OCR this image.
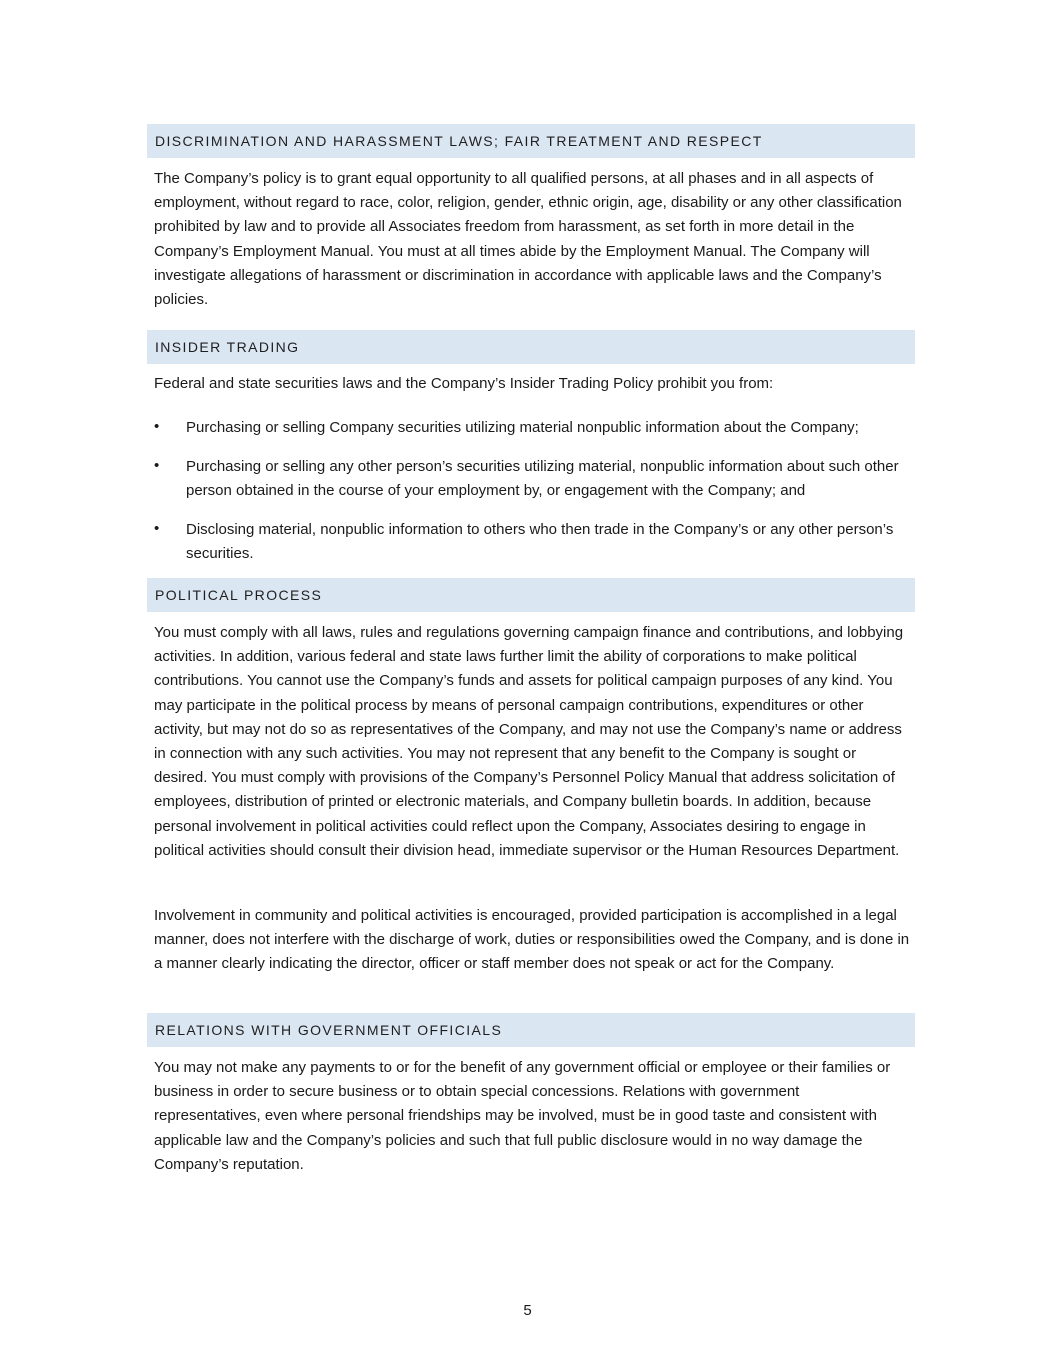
DISCRIMINATION AND HARASSMENT LAWS; FAIR TREATMENT AND RESPECT

The Company’s policy is to grant equal opportunity to all qualified persons, at all phases and in all aspects of employment, without regard to race, color, religion, gender, ethnic origin, age, disability or any other classification prohibited by law and to provide all Associates freedom from harassment, as set forth in more detail in the Company’s Employment Manual. You must at all times abide by the Employment Manual. The Company will investigate allegations of harassment or discrimination in accordance with applicable laws and the Company’s policies.

INSIDER TRADING

Federal and state securities laws and the Company’s Insider Trading Policy prohibit you from:

• Purchasing or selling Company securities utilizing material nonpublic information about the Company;
• Purchasing or selling any other person’s securities utilizing material, nonpublic information about such other person obtained in the course of your employment by, or engagement with the Company; and
• Disclosing material, nonpublic information to others who then trade in the Company’s or any other person’s securities.
POLITICAL PROCESS

You must comply with all laws, rules and regulations governing campaign finance and contributions, and lobbying activities. In addition, various federal and state laws further limit the ability of corporations to make political contributions. You cannot use the Company’s funds and assets for political campaign purposes of any kind. You may participate in the political process by means of personal campaign contributions, expenditures or other activity, but may not do so as representatives of the Company, and may not use the Company’s name or address in connection with any such activities. You may not represent that any benefit to the Company is sought or desired. You must comply with provisions of the Company’s Personnel Policy Manual that address solicitation of employees, distribution of printed or electronic materials, and Company bulletin boards. In addition, because personal involvement in political activities could reflect upon the Company, Associates desiring to engage in political activities should consult their division head, immediate supervisor or the Human Resources Department.

Involvement in community and political activities is encouraged, provided participation is accomplished in a legal manner, does not interfere with the discharge of work, duties or responsibilities owed the Company, and is done in a manner clearly indicating the director, officer or staff member does not speak or act for the Company.

RELATIONS WITH GOVERNMENT OFFICIALS

You may not make any payments to or for the benefit of any government official or employee or their families or business in order to secure business or to obtain special concessions. Relations with government representatives, even where personal friendships may be involved, must be in good taste and consistent with applicable law and the Company’s policies and such that full public disclosure would in no way damage the Company’s reputation.

5
